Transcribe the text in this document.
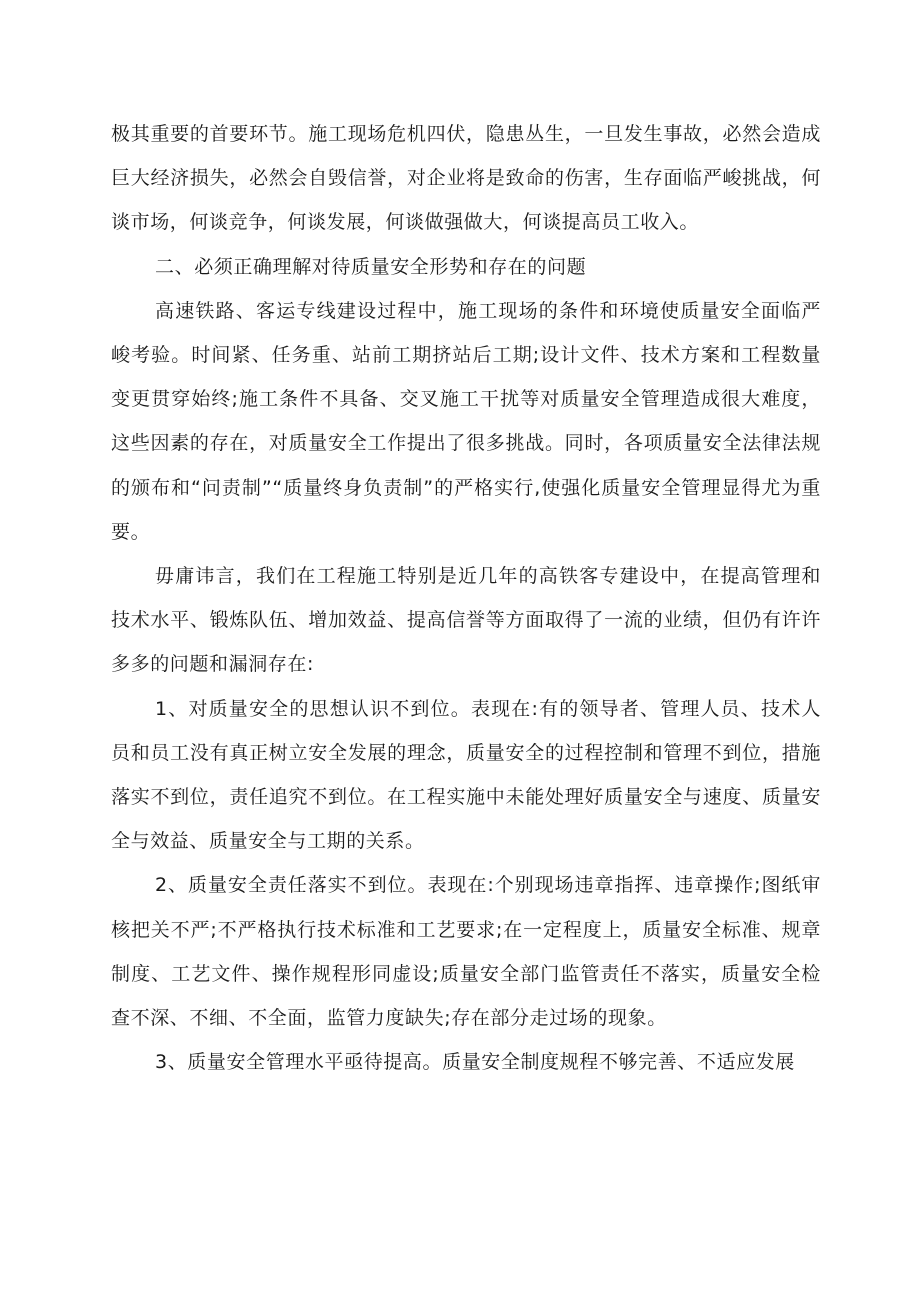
极其重要的首要环节。施工现场危机四伏，隐患丛生，一旦发生事故，必然会造成巨大经济损失，必然会自毁信誉，对企业将是致命的伤害，生存面临严峻挑战，何谈市场，何谈竞争，何谈发展，何谈做强做大，何谈提高员工收入。

二、必须正确理解对待质量安全形势和存在的问题

高速铁路、客运专线建设过程中，施工现场的条件和环境使质量安全面临严峻考验。时间紧、任务重、站前工期挤站后工期;设计文件、技术方案和工程数量变更贯穿始终;施工条件不具备、交叉施工干扰等对质量安全管理造成很大难度，这些因素的存在，对质量安全工作提出了很多挑战。同时，各项质量安全法律法规的颁布和“问责制”“质量终身负责制”的严格实行,使强化质量安全管理显得尤为重要。

毋庸讳言，我们在工程施工特别是近几年的高铁客专建设中，在提高管理和技术水平、锻炼队伍、增加效益、提高信誉等方面取得了一流的业绩，但仍有许许多多的问题和漏洞存在:

1、对质量安全的思想认识不到位。表现在:有的领导者、管理人员、技术人员和员工没有真正树立安全发展的理念，质量安全的过程控制和管理不到位，措施落实不到位，责任追究不到位。在工程实施中未能处理好质量安全与速度、质量安全与效益、质量安全与工期的关系。

2、质量安全责任落实不到位。表现在:个别现场违章指挥、违章操作;图纸审核把关不严;不严格执行技术标准和工艺要求;在一定程度上，质量安全标准、规章制度、工艺文件、操作规程形同虚设;质量安全部门监管责任不落实，质量安全检查不深、不细、不全面，监管力度缺失;存在部分走过场的现象。

3、质量安全管理水平亟待提高。质量安全制度规程不够完善、不适应发展
